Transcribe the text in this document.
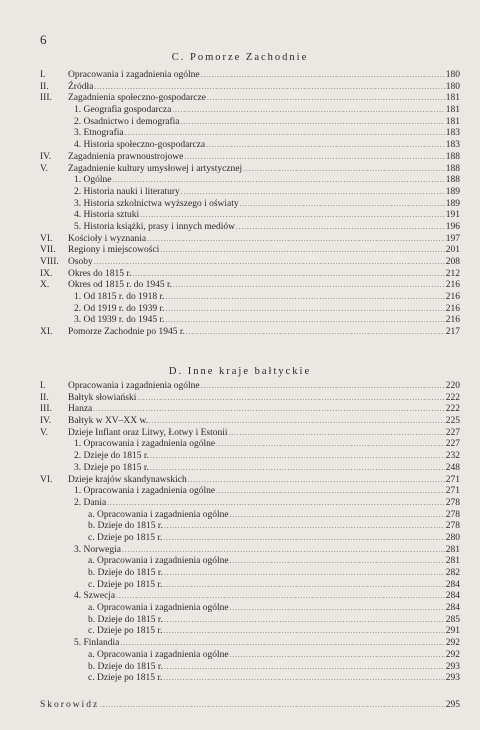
6
C. Pomorze Zachodnie
I. Opracowania i zagadnienia ogólne .....	180
II. Źródła .....	180
III. Zagadnienia społeczno-gospodarcze .....	181
1. Geografia gospodarcza .....	181
2. Osadnictwo i demografia .....	181
3. Etnografia .....	183
4. Historia społeczno-gospodarcza .....	183
IV. Zagadnienia prawnoustrojowe .....	188
V. Zagadnienie kultury umysłowej i artystycznej .....	188
1. Ogólne .....	188
2. Historia nauki i literatury .....	189
3. Historia szkolnictwa wyższego i oświaty .....	189
4. Historia sztuki .....	191
5. Historia książki, prasy i innych mediów .....	196
VI. Kościoły i wyznania .....	197
VII. Regiony i miejscowości .....	201
VIII. Osoby .....	208
IX. Okres do 1815 r. .....	212
X. Okres od 1815 r. do 1945 r. .....	216
1. Od 1815 r. do 1918 r. .....	216
2. Od 1919 r. do 1939 r. .....	216
3. Od 1939 r. do 1945 r. .....	216
XI. Pomorze Zachodnie po 1945 r. .....	217
D. Inne kraje bałtyckie
I. Opracowania i zagadnienia ogólne .....	220
II. Bałtyk słowiański .....	222
III. Hanza .....	222
IV. Bałtyk w XV–XX w. .....	225
V. Dzieje Inflant oraz Litwy, Łotwy i Estonii .....	227
1. Opracowania i zagadnienia ogólne .....	227
2. Dzieje do 1815 r. .....	232
3. Dzieje po 1815 r. .....	248
VI. Dzieje krajów skandynawskich .....	271
1. Opracowania i zagadnienia ogólne .....	271
2. Dania .....	278
a. Opracowania i zagadnienia ogólne .....	278
b. Dzieje do 1815 r. .....	278
c. Dzieje po 1815 r. .....	280
3. Norwegia .....	281
a. Opracowania i zagadnienia ogólne .....	281
b. Dzieje do 1815 r. .....	282
c. Dzieje po 1815 r. .....	284
4. Szwecja .....	284
a. Opracowania i zagadnienia ogólne .....	284
b. Dzieje do 1815 r. .....	285
c. Dzieje po 1815 r. .....	291
5. Finlandia .....	292
a. Opracowania i zagadnienia ogólne .....	292
b. Dzieje do 1815 r. .....	293
c. Dzieje po 1815 r. .....	293
Skorowidz .....	295
